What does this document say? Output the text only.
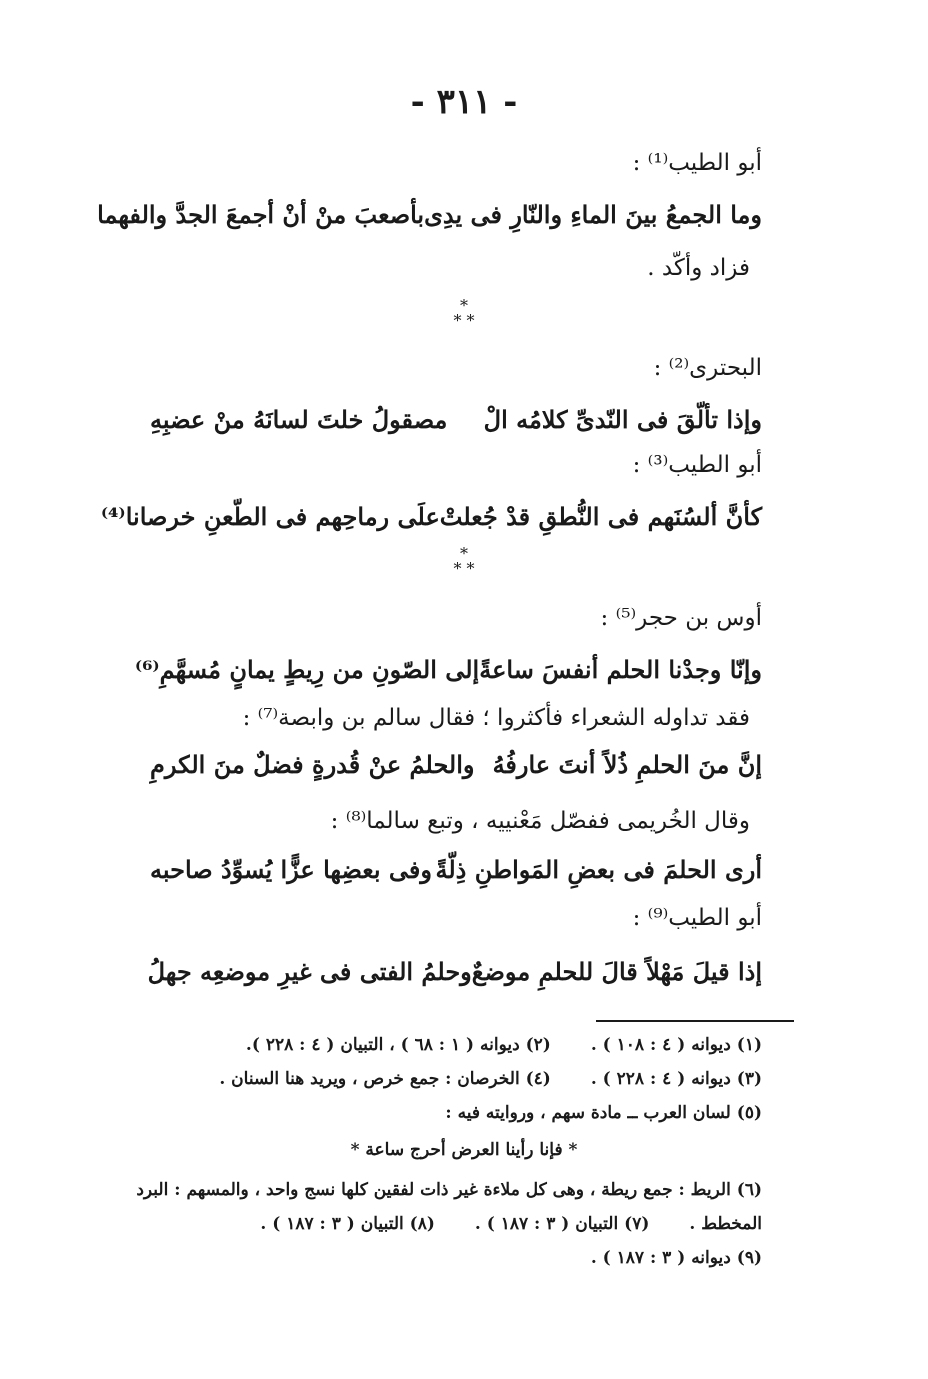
- ٣١١ -
أبو الطيب⁽¹⁾ :
وما الجمعُ بينَ الماءِ والنّارِ فى يدِى
بأصعبَ منْ أنْ أجمعَ الجدَّ والفهما
فزاد وأكّد .
*
* *
البحترى⁽²⁾ :
وإذا تألّقَ فى النّدىِّ كلامُه الْ
مصقولُ خلتَ لسانَهُ منْ عضبِهِ
أبو الطيب⁽³⁾ :
كأنَّ ألسُنَهم فى النُّطقِ قدْ جُعلتْ
علَى رماحِهم فى الطّعنِ خرصانا⁽⁴⁾
*
* *
أوس بن حجر⁽⁵⁾ :
وإنّا وجدْنا الحلم أنفسَ ساعةً
إلى الصّونِ من رِيطٍ يمانٍ مُسهَّمِ⁽⁶⁾
فقد تداوله الشعراء فأكثروا ؛ فقال سالم بن وابصة⁽⁷⁾ :
إنَّ منَ الحلمِ ذُلاً أنتَ عارفُهُ
والحلمُ عنْ قُدرةٍ فضلٌ منَ الكرمِ
وقال الخُريمى ففصّل مَعْنييه ، وتبع سالما⁽⁸⁾ :
أرى الحلمَ فى بعضِ المَواطنِ ذِلّةً
وفى بعضِها عزًّا يُسوِّدُ صاحبه
أبو الطيب⁽⁹⁾ :
إذا قيلَ مَهْلاً قالَ للحلمِ موضعٌ
وحلمُ الفتى فى غيرِ موضعِه جهلُ
(١) ديوانه ( ٤ : ١٠٨ ) .(٢) ديوانه ( ١ : ٦٨ ) ، التبيان ( ٤ : ٢٢٨ ).
(٣) ديوانه ( ٤ : ٢٢٨ ) .(٤) الخرصان : جمع خرص ، ويريد هنا السنان .
(٥) لسان العرب ــ مادة سهم ، وروايته فيه :
* فإنا رأينا العرض أحرج ساعة *
(٦) الريط : جمع ريطة ، وهى كل ملاءة غير ذات لفقين كلها نسج واحد ، والمسهم : البرد
المخطط .(٧) التبيان ( ٣ : ١٨٧ ) .(٨) التبيان ( ٣ : ١٨٧ ) .
(٩) ديوانه ( ٣ : ١٨٧ ) .
